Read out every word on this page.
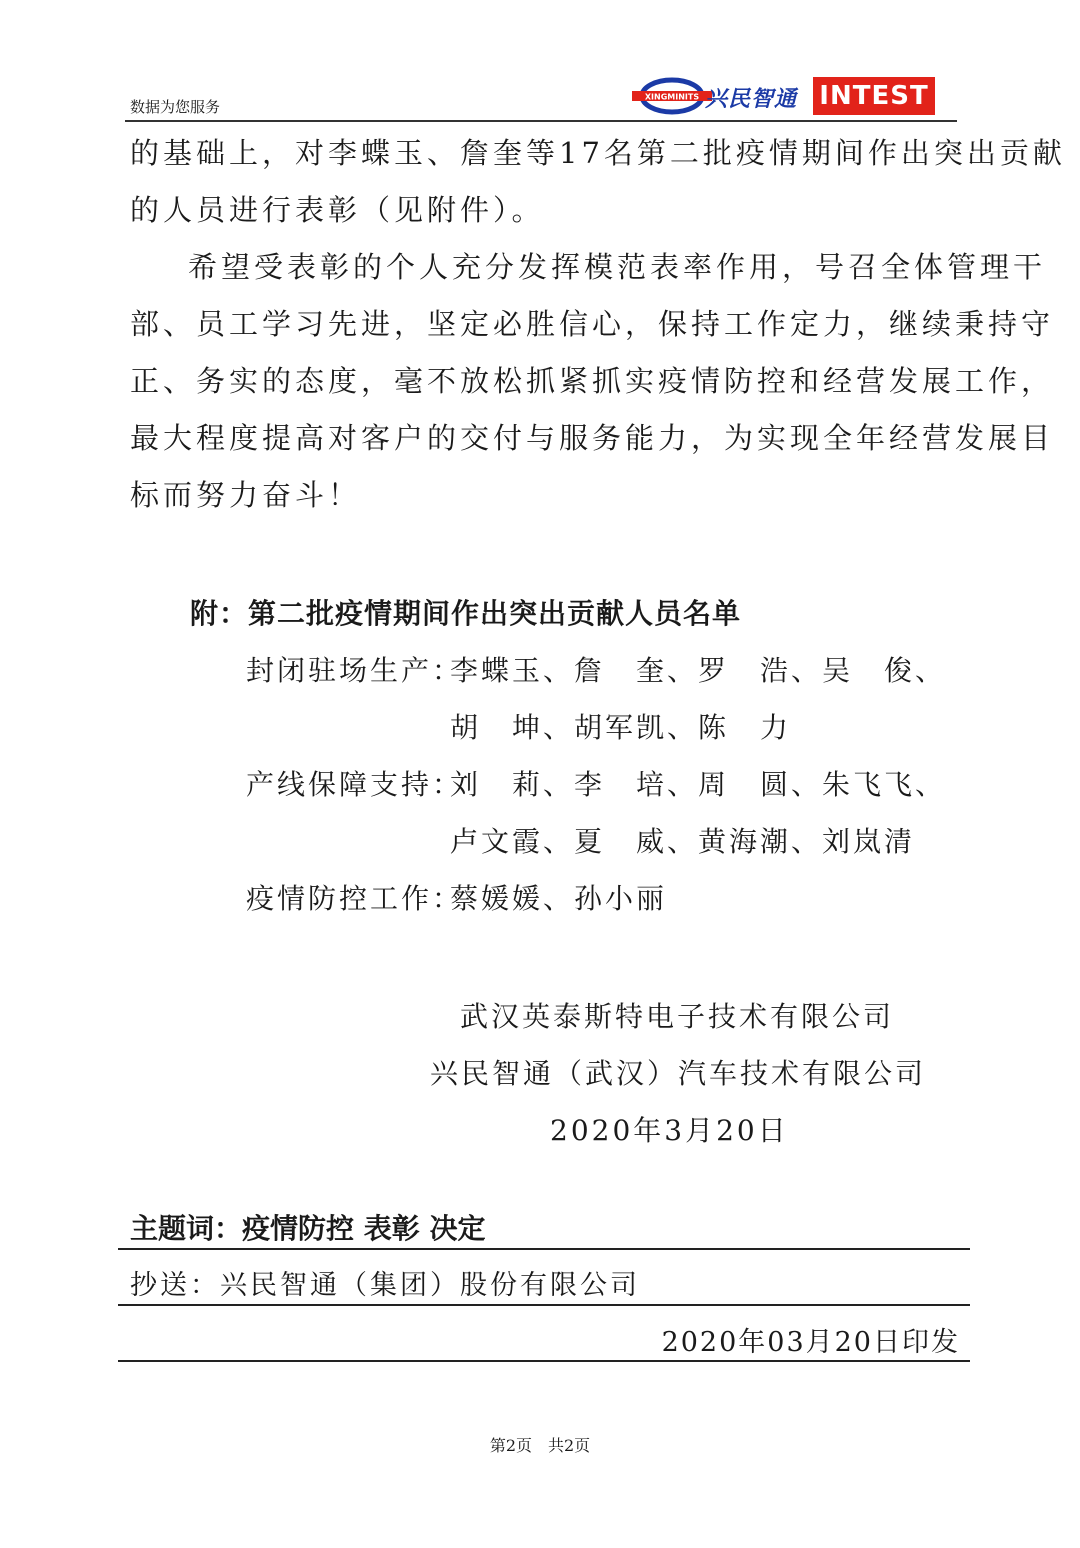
数据为您服务
XINGMINITS 兴民智通 INTEST
的基础上，对李蝶玉、詹奎等17名第二批疫情期间作出突出贡献
的人员进行表彰（见附件）。
希望受表彰的个人充分发挥模范表率作用，号召全体管理干
部、员工学习先进，坚定必胜信心，保持工作定力，继续秉持守
正、务实的态度，毫不放松抓紧抓实疫情防控和经营发展工作，
最大程度提高对客户的交付与服务能力，为实现全年经营发展目
标而努力奋斗！
附：第二批疫情期间作出突出贡献人员名单
封闭驻场生产：
李蝶玉、詹　奎、罗　浩、吴　俊、
胡　坤、胡军凯、陈　力
产线保障支持：
刘　莉、李　培、周　圆、朱飞飞、
卢文霞、夏　威、黄海潮、刘岚清
疫情防控工作：
蔡媛媛、孙小丽
武汉英泰斯特电子技术有限公司
兴民智通（武汉）汽车技术有限公司
2020年3月20日
主题词：疫情防控 表彰 决定
抄送：兴民智通（集团）股份有限公司
2020年03月20日印发
第2页　共2页
